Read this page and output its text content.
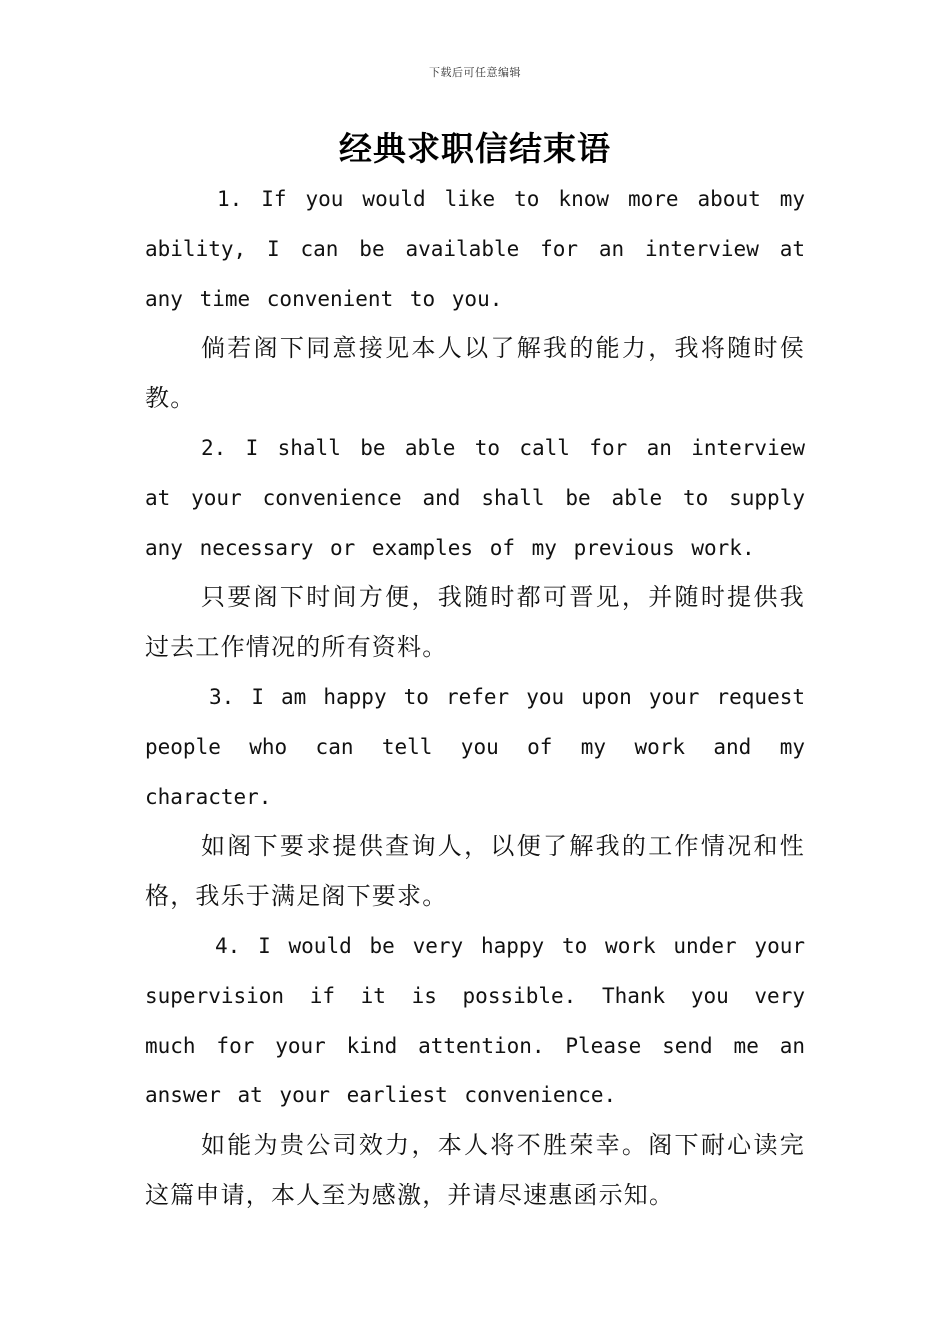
下载后可任意编辑
经典求职信结束语

1. If you would like to know more about my ability, I can be available for an interview at any time convenient to you.

倘若阁下同意接见本人以了解我的能力，我将随时侯教。

2. I shall be able to call for an interview at your convenience and shall be able to supply any necessary or examples of my previous work.

只要阁下时间方便，我随时都可晋见，并随时提供我过去工作情况的所有资料。

3. I am happy to refer you upon your request people who can tell you of my work and my character.

如阁下要求提供查询人，以便了解我的工作情况和性格，我乐于满足阁下要求。

4. I would be very happy to work under your supervision if it is possible. Thank you very much for your kind attention. Please send me an answer at your earliest convenience.

如能为贵公司效力，本人将不胜荣幸。阁下耐心读完这篇申请，本人至为感激，并请尽速惠函示知。
